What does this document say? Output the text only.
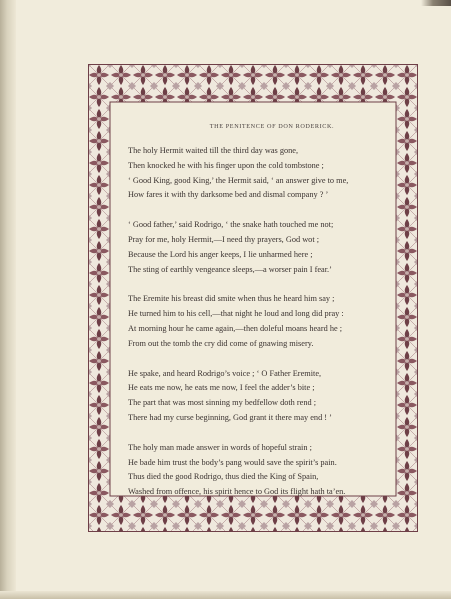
THE PENITENCE OF DON RODERICK.
The holy Hermit waited till the third day was gone,
Then knocked he with his finger upon the cold tombstone ;
‘ Good King, good King,’ the Hermit said, ‘ an answer give to me,
How fares it with thy darksome bed and dismal company ? ’
‘ Good father,’ said Rodrigo, ‘ the snake hath touched me not;
Pray for me, holy Hermit,—I need thy prayers, God wot ;
Because the Lord his anger keeps, I lie unharmed here ;
The sting of earthly vengeance sleeps,—a worser pain I fear.’
The Eremite his breast did smite when thus he heard him say ;
He turned him to his cell,—that night he loud and long did pray :
At morning hour he came again,—then doleful moans heard he ;
From out the tomb the cry did come of gnawing misery.
He spake, and heard Rodrigo’s voice ; ‘ O Father Eremite,
He eats me now, he eats me now, I feel the adder’s bite ;
The part that was most sinning my bedfellow doth rend ;
There had my curse beginning, God grant it there may end ! ’
The holy man made answer in words of hopeful strain ;
He bade him trust the body’s pang would save the spirit’s pain.
Thus died the good Rodrigo, thus died the King of Spain,
Washed from offence, his spirit hence to God its flight hath ta’en.
